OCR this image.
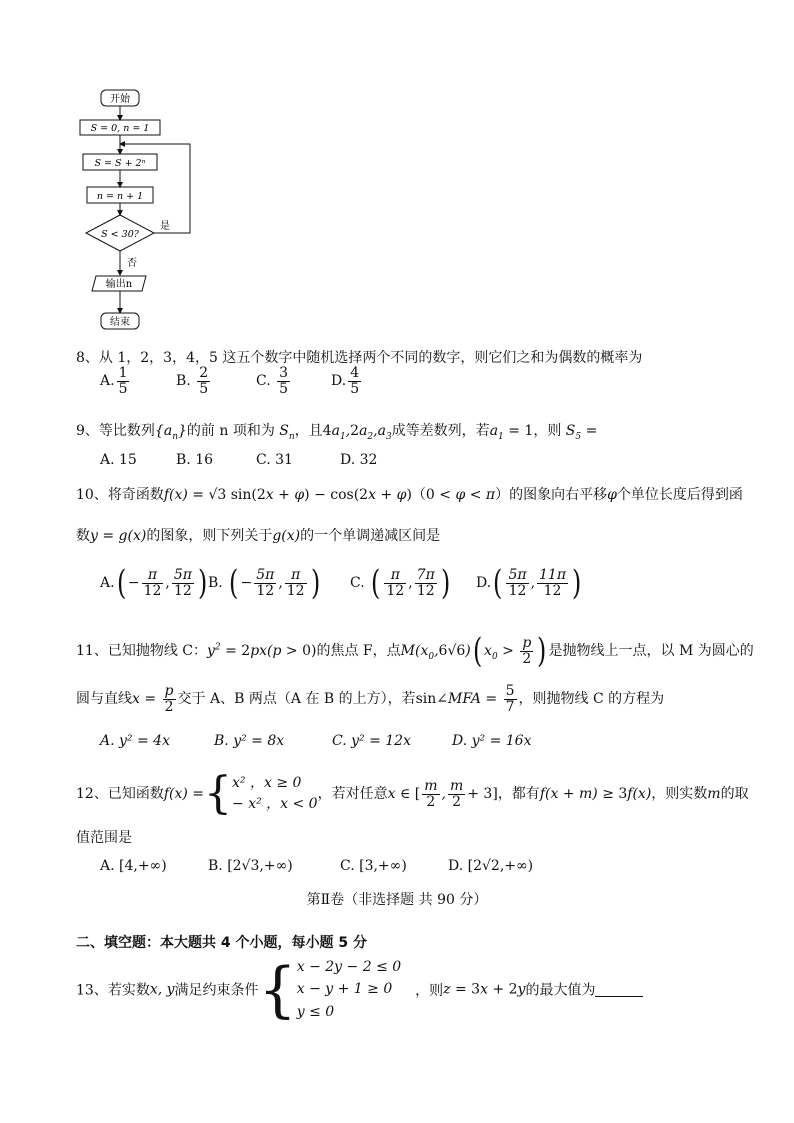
开始
S = 0, n = 1
S = S + 2ⁿ
n = n + 1
S < 30?
是
否
输出n
结束
8、从 1，2，3，4，5 这五个数字中随机选择两个不同的数字，则它们之和为偶数的概率为
A. $\frac{1}{5}$	B. $\frac{2}{5}$	C. $\frac{3}{5}$	D. $\frac{4}{5}$
9、等比数列$\{a_n\}$的前 n 项和为 $S_n$，且$4a_1,2a_2,a_3$成等差数列，若$a_1 = 1$，则 $S_5$ =
A. 15	B. 16	C. 31	D. 32
10、将奇函数f(x) = √3 sin(2x + φ) − cos(2x + φ)（0 < φ < π）的图象向右平移φ个单位长度后得到函
数y = g(x)的图象，则下列关于g(x)的一个单调递减区间是
$A.( - \frac{\pi}{12}$ , $\frac{5\pi}{12}$ ) B. ( − $\frac{5\pi}{12}$ , $\frac{\pi}{12}$ ) C. ( $\frac{\pi}{12}$ , $\frac{7\pi}{12}$ ) $D.( \frac{5\pi}{12}$ , $\frac{11\pi}{12}$ )
11、已知抛物线 C：$y^2 = 2px(p > 0)$的焦点 F，点$M(x_0,6√6)$( $x_0 > \frac{p}{2}$ ) 是抛物线上一点，以 M 为圆心的
圆与直线$x = \frac{p}{2}$ 交于 A、B 两点（A 在 B 的上方），若sin∠MFA = $\frac{5}{7}$ ，则抛物线 C 的方程为
A. y² = 4x	B. y² = 8x	C. y² = 12x	D. y² = 16x
12、已知函数f(x) ={ x² ，x ≥ 0
− x² ，x < 0
，若对任意x ∈ [ $\frac{m}{2}$ , $\frac{m}{2} + 3$]，都有f(x + m) ≥ 3f(x)，则实数m的取
值范围是
A. [4,+∞)	B. [2√3,+∞)	C. [3,+∞)	D. [2√2,+∞)
第Ⅱ卷（非选择题 共 90 分）
二、填空题：本大题共 4 个小题，每小题 5 分
13、若实数x, y满足约束条件{ x − 2y − 2 ≤ 0
x − y + 1 ≥ 0
y ≤ 0
，则z = 3x + 2y的最大值为
